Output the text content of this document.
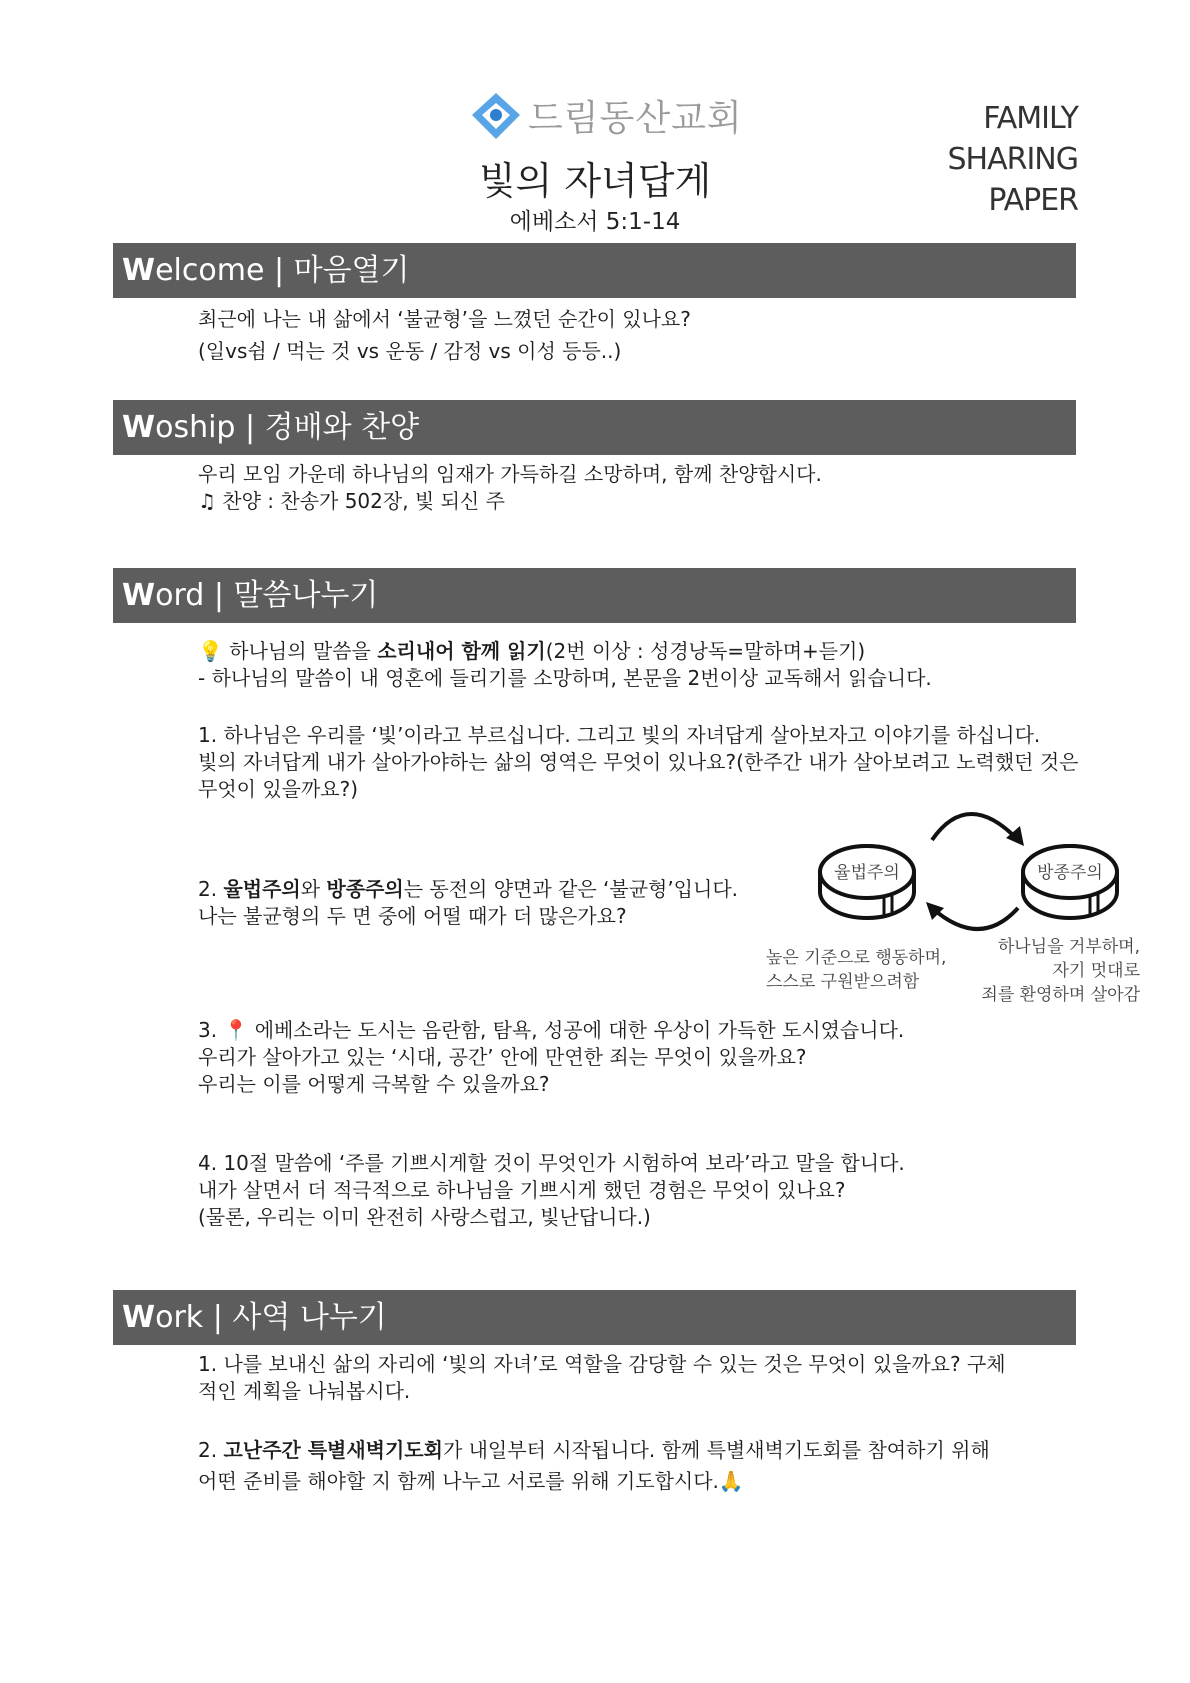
드림동산교회
빛의 자녀답게
에베소서 5:1-14
FAMILY
SHARING
PAPER
Welcome | 마음열기

최근에 나는 내 삶에서 ‘불균형’을 느꼈던 순간이 있나요?

(일vs쉼 / 먹는 것 vs 운동 / 감정 vs 이성 등등..)

Woship | 경배와 찬양

우리 모임 가운데 하나님의 임재가 가득하길 소망하며, 함께 찬양합시다.

♫ 찬양 : 찬송가 502장, 빛 되신 주

Word | 말씀나누기

💡 하나님의 말씀을 소리내어 함께 읽기(2번 이상 : 성경낭독=말하며+듣기)

- 하나님의 말씀이 내 영혼에 들리기를 소망하며, 본문을 2번이상 교독해서 읽습니다.

1. 하나님은 우리를 ‘빛’이라고 부르십니다. 그리고 빛의 자녀답게 살아보자고 이야기를 하십니다.

빛의 자녀답게 내가 살아가야하는 삶의 영역은 무엇이 있나요?(한주간 내가 살아보려고 노력했던 것은

무엇이 있을까요?)

2. 율법주의와 방종주의는 동전의 양면과 같은 ‘불균형’입니다.

나는 불균형의 두 면 중에 어떨 때가 더 많은가요?

율법주의	방종주의
높은 기준으로 행동하며,
스스로 구원받으려함
하나님을 거부하며,
자기 멋대로
죄를 환영하며 살아감

3. 📍 에베소라는 도시는 음란함, 탐욕, 성공에 대한 우상이 가득한 도시였습니다.

우리가 살아가고 있는 ‘시대, 공간’ 안에 만연한 죄는 무엇이 있을까요?

우리는 이를 어떻게 극복할 수 있을까요?

4. 10절 말씀에 ‘주를 기쁘시게할 것이 무엇인가 시험하여 보라’라고 말을 합니다.

내가 살면서 더 적극적으로 하나님을 기쁘시게 했던 경험은 무엇이 있나요?

(물론, 우리는 이미 완전히 사랑스럽고, 빛난답니다.)

Work | 사역 나누기

1. 나를 보내신 삶의 자리에 ‘빛의 자녀’로 역할을 감당할 수 있는 것은 무엇이 있을까요? 구체

적인 계획을 나눠봅시다.

2. 고난주간 특별새벽기도회가 내일부터 시작됩니다. 함께 특별새벽기도회를 참여하기 위해

어떤 준비를 해야할 지 함께 나누고 서로를 위해 기도합시다.🙏
